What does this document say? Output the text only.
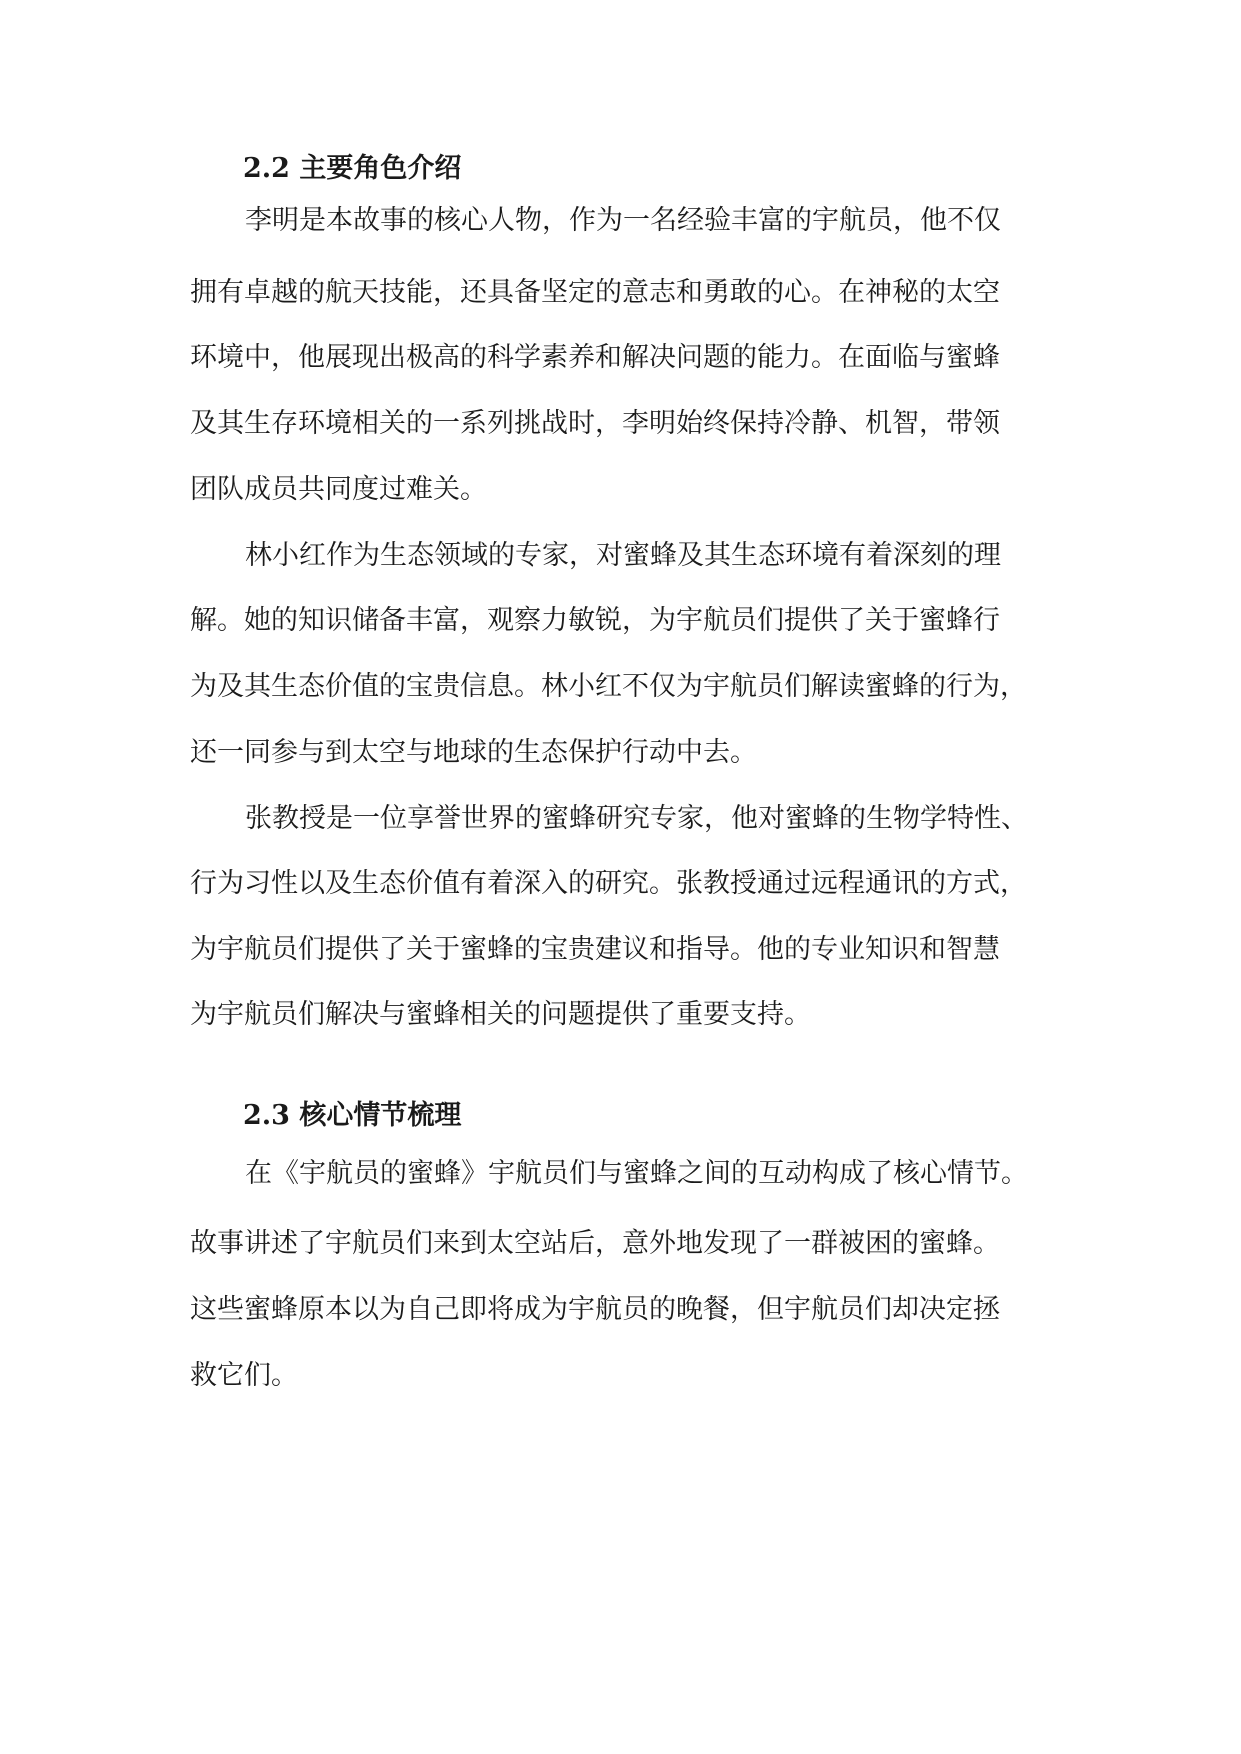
2.2 主要角色介绍

李明是本故事的核心人物，作为一名经验丰富的宇航员，他不仅

拥有卓越的航天技能，还具备坚定的意志和勇敢的心。在神秘的太空

环境中，他展现出极高的科学素养和解决问题的能力。在面临与蜜蜂

及其生存环境相关的一系列挑战时，李明始终保持冷静、机智，带领

团队成员共同度过难关。

林小红作为生态领域的专家，对蜜蜂及其生态环境有着深刻的理

解。她的知识储备丰富，观察力敏锐，为宇航员们提供了关于蜜蜂行

为及其生态价值的宝贵信息。林小红不仅为宇航员们解读蜜蜂的行为，

还一同参与到太空与地球的生态保护行动中去。

张教授是一位享誉世界的蜜蜂研究专家，他对蜜蜂的生物学特性、

行为习性以及生态价值有着深入的研究。张教授通过远程通讯的方式，

为宇航员们提供了关于蜜蜂的宝贵建议和指导。他的专业知识和智慧

为宇航员们解决与蜜蜂相关的问题提供了重要支持。

2.3 核心情节梳理

在《宇航员的蜜蜂》宇航员们与蜜蜂之间的互动构成了核心情节。

故事讲述了宇航员们来到太空站后，意外地发现了一群被困的蜜蜂。

这些蜜蜂原本以为自己即将成为宇航员的晚餐，但宇航员们却决定拯

救它们。
